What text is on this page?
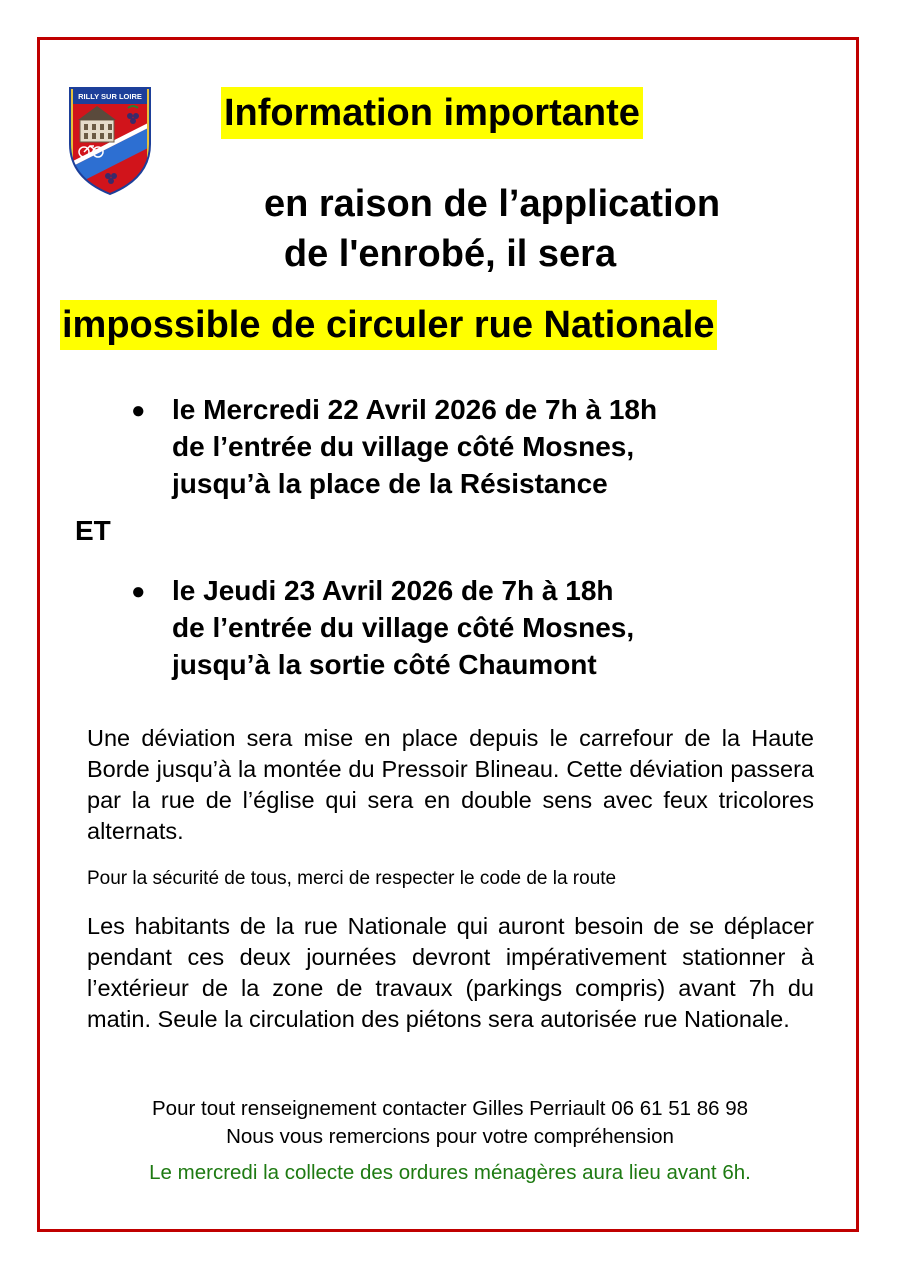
RILLY SUR LOIRE Information importante
en raison de l’application
de l'enrobé, il sera
impossible de circuler rue Nationale
● le Mercredi 22 Avril 2026 de 7h à 18h
de l’entrée du village côté Mosnes,
jusqu’à la place de la Résistance
ET
● le Jeudi 23 Avril 2026 de 7h à 18h
de l’entrée du village côté Mosnes,
jusqu’à la sortie côté Chaumont
Une déviation sera mise en place depuis le carrefour de la Haute Borde jusqu’à la montée du Pressoir Blineau. Cette déviation passera par la rue de l’église qui sera en double sens avec feux tricolores alternats.
Pour la sécurité de tous, merci de respecter le code de la route
Les habitants de la rue Nationale qui auront besoin de se déplacer pendant ces deux journées devront impérativement stationner à l’extérieur de la zone de travaux (parkings compris) avant 7h du matin. Seule la circulation des piétons sera autorisée rue Nationale.
Pour tout renseignement contacter Gilles Perriault 06 61 51 86 98
Nous vous remercions pour votre compréhension
Le mercredi la collecte des ordures ménagères aura lieu avant 6h.
